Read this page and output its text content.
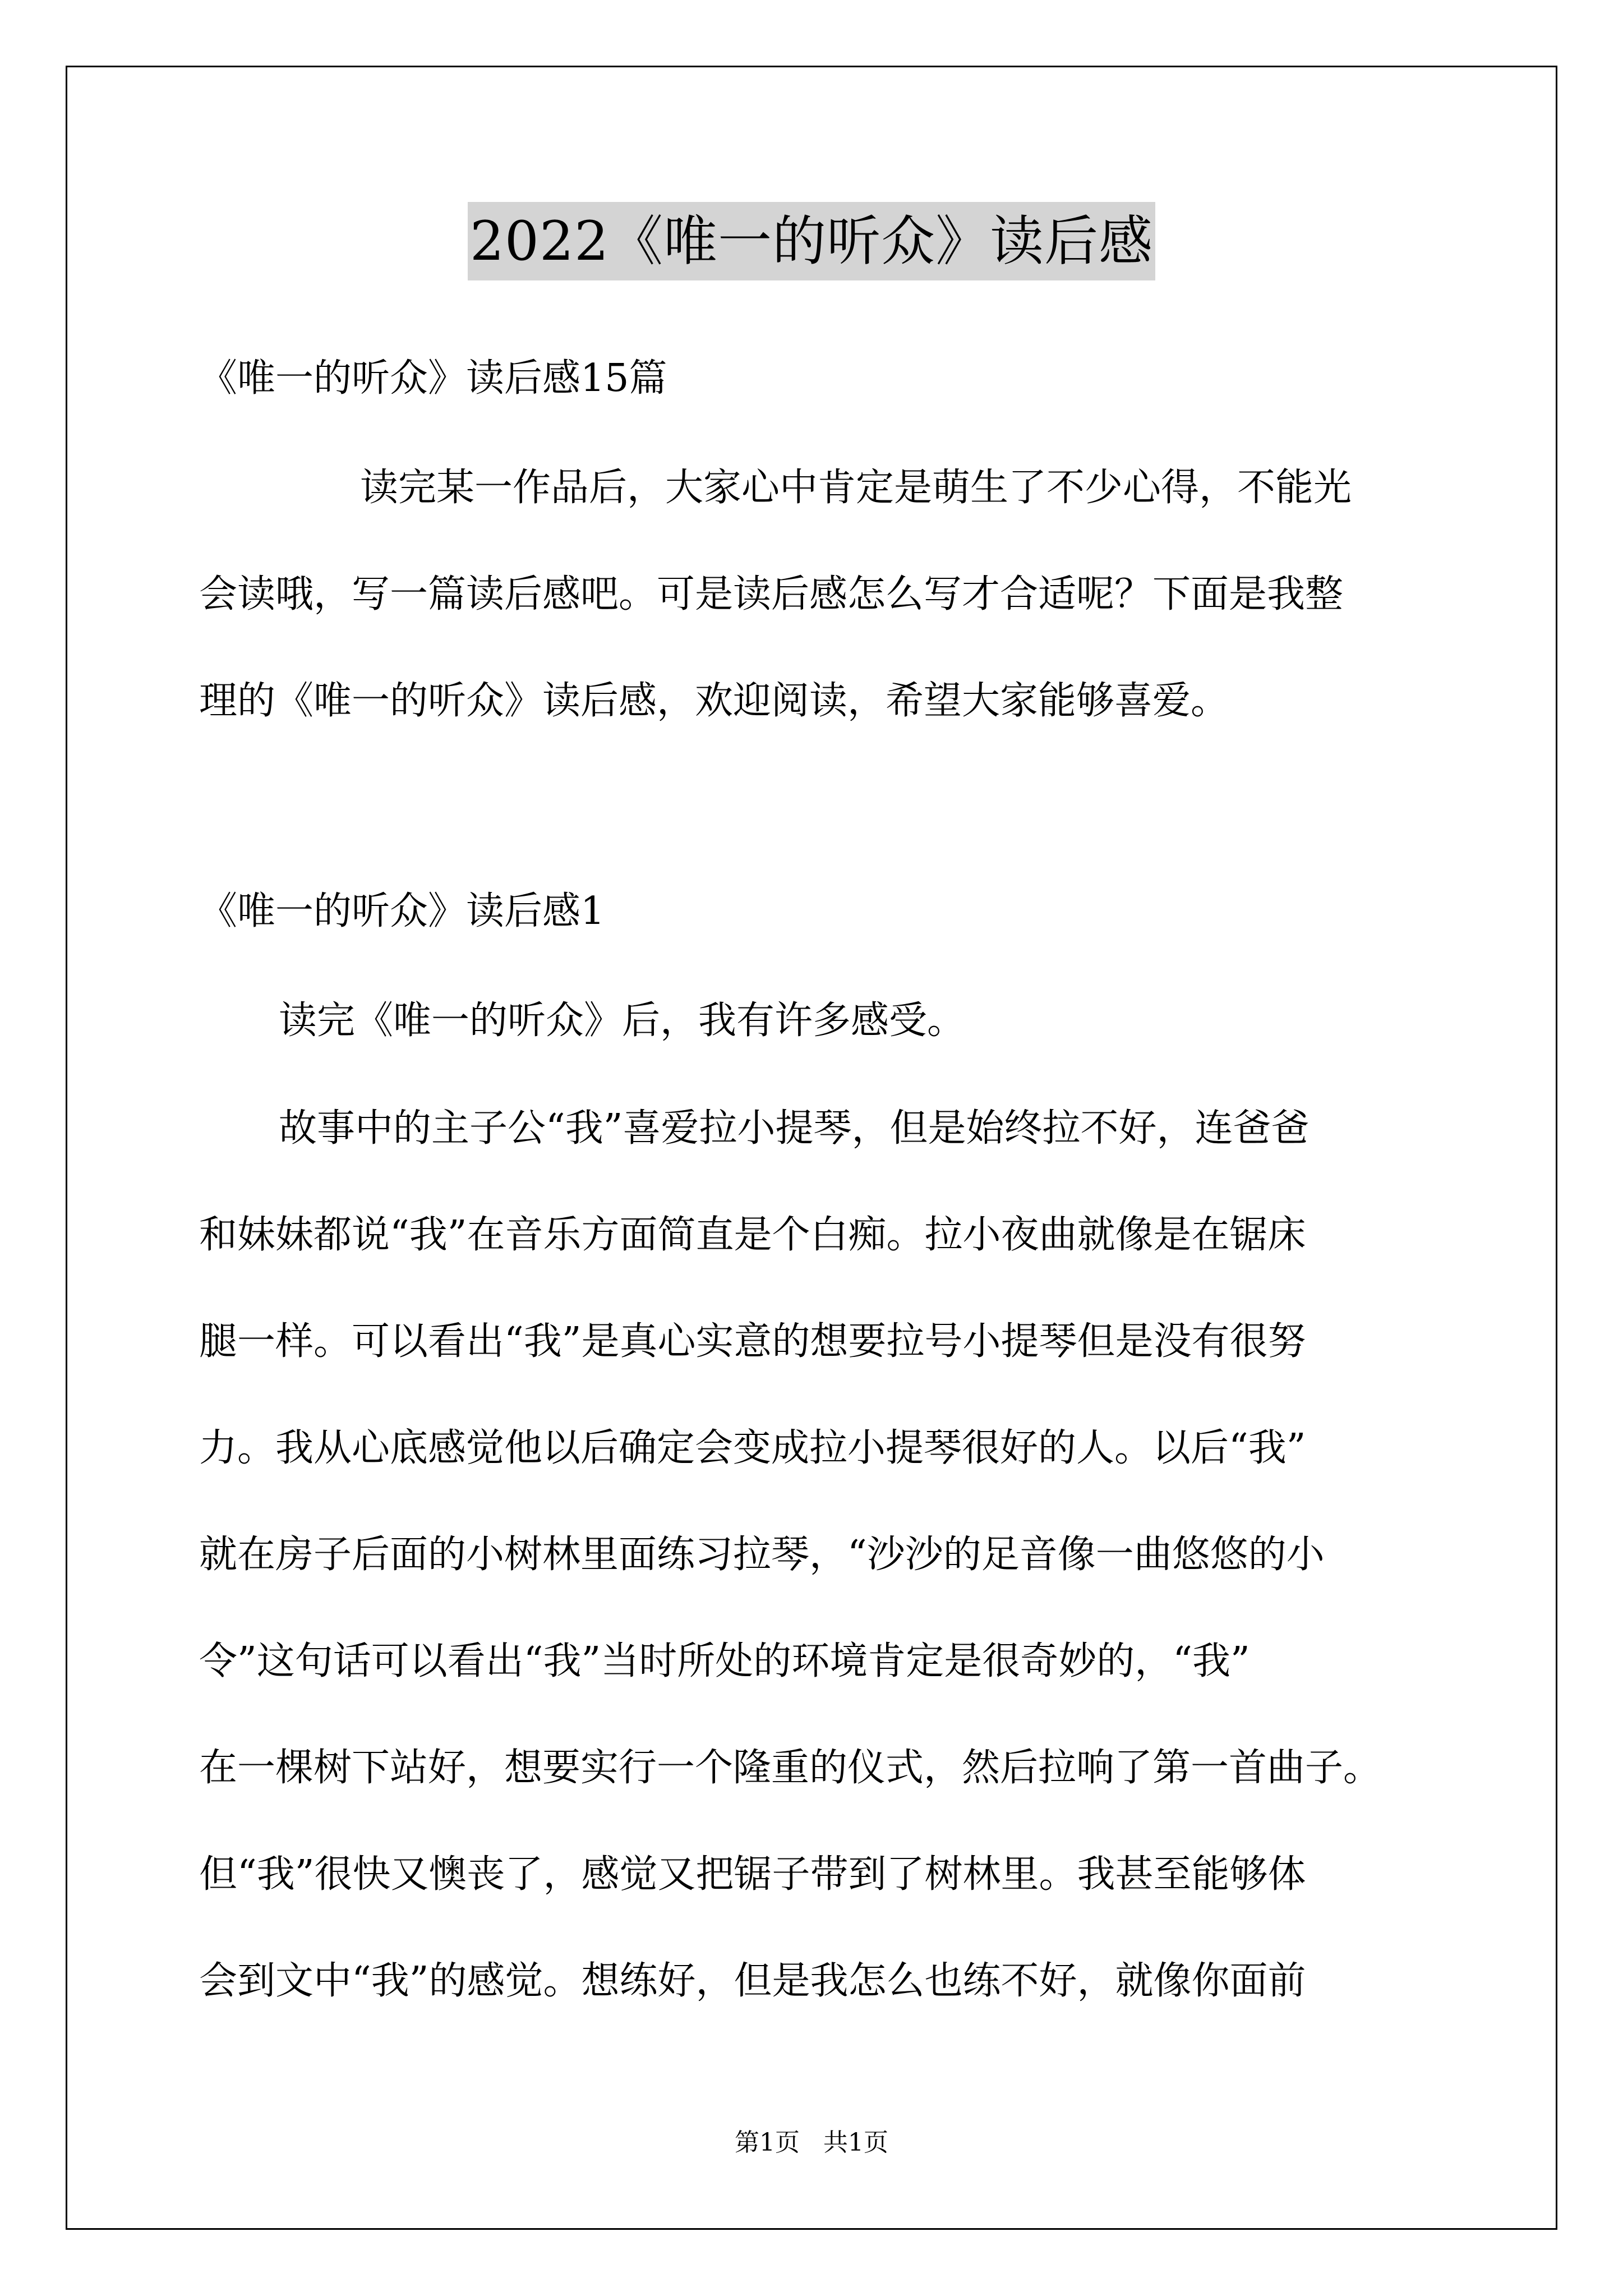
2022《唯一的听众》读后感
《唯一的听众》读后感15篇
读完某一作品后，大家心中肯定是萌生了不少心得，不能光
会读哦，写一篇读后感吧。可是读后感怎么写才合适呢？下面是我整
理的《唯一的听众》读后感，欢迎阅读，希望大家能够喜爱。
《唯一的听众》读后感1
读完《唯一的听众》后，我有许多感受。
故事中的主子公“我”喜爱拉小提琴，但是始终拉不好，连爸爸
和妹妹都说“我”在音乐方面简直是个白痴。拉小夜曲就像是在锯床
腿一样。可以看出“我”是真心实意的想要拉号小提琴但是没有很努
力。我从心底感觉他以后确定会变成拉小提琴很好的人。以后“我”
就在房子后面的小树林里面练习拉琴，“沙沙的足音像一曲悠悠的小
令”这句话可以看出“我”当时所处的环境肯定是很奇妙的，“我”
在一棵树下站好，想要实行一个隆重的仪式，然后拉响了第一首曲子。
但“我”很快又懊丧了，感觉又把锯子带到了树林里。我甚至能够体
会到文中“我”的感觉。想练好，但是我怎么也练不好，就像你面前
第1页 共1页
